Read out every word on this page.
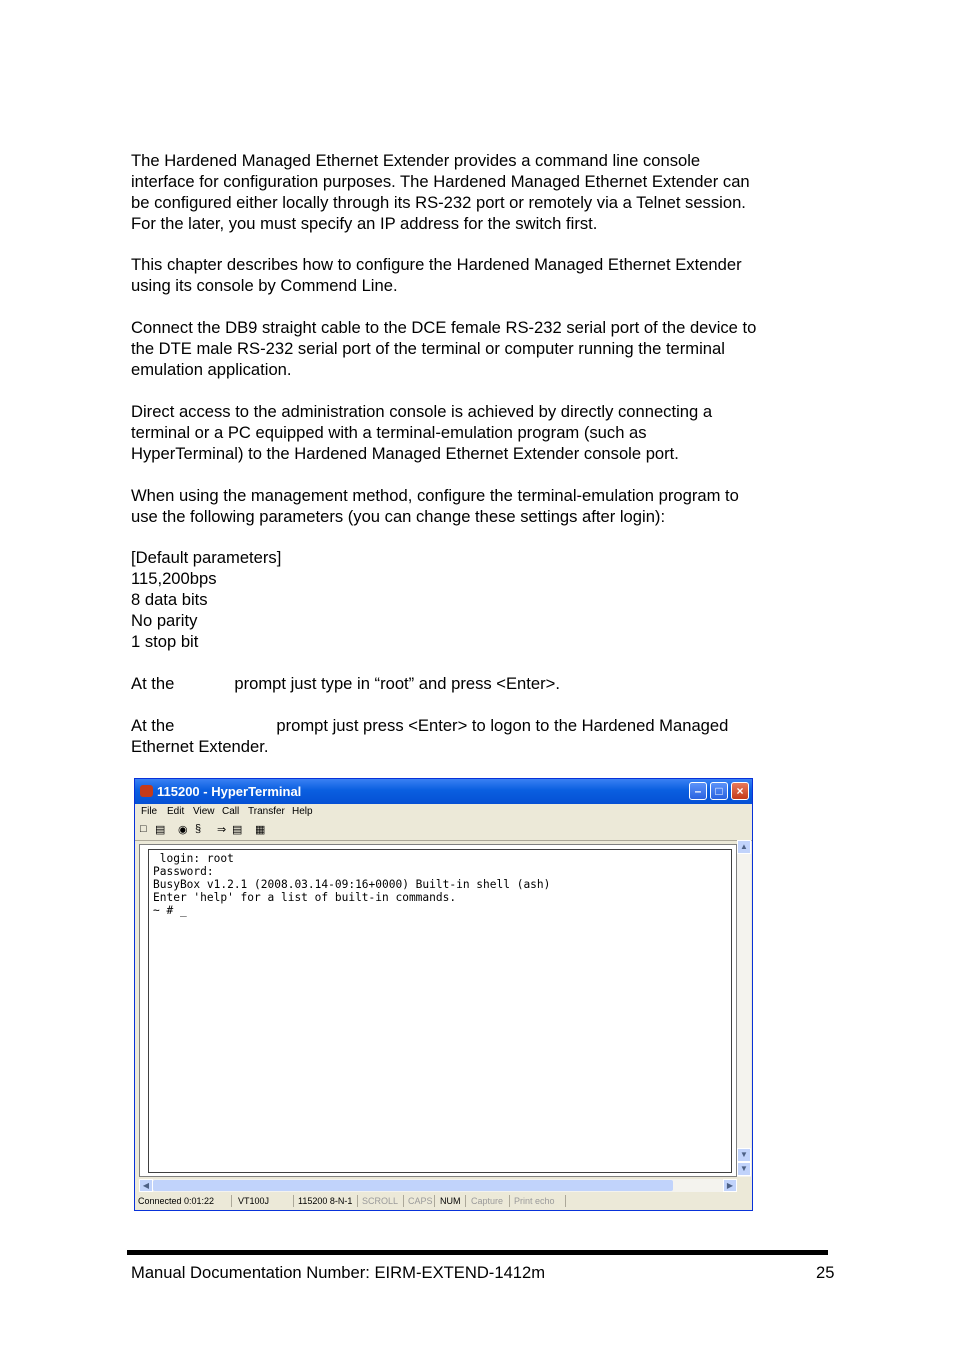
The Hardened Managed Ethernet Extender provides a command line console
interface for configuration purposes. The Hardened Managed Ethernet Extender can
be configured either locally through its RS-232 port or remotely via a Telnet session.
For the later, you must specify an IP address for the switch first.
This chapter describes how to configure the Hardened Managed Ethernet Extender
using its console by Commend Line.
Connect the DB9 straight cable to the DCE female RS-232 serial port of the device to
the DTE male RS-232 serial port of the terminal or computer running the terminal
emulation application.
Direct access to the administration console is achieved by directly connecting a
terminal or a PC equipped with a terminal-emulation program (such as
HyperTerminal) to the Hardened Managed Ethernet Extender console port.
When using the management method, configure the terminal-emulation program to
use the following parameters (you can change these settings after login):
[Default parameters]
115,200bps
8 data bits
No parity
1 stop bit
At the	prompt just type in “root” and press <Enter>.
At the	prompt just press <Enter> to logon to the Hardened Managed
Ethernet Extender.
115200 - HyperTerminal	–	□	×
File Edit View Call Transfer Help
□ ▤ ◉ § ⇒ ▤ ▦
login: root
Password:
BusyBox v1.2.1 (2008.03.14-09:16+0000) Built-in shell (ash)
Enter 'help' for a list of built-in commands.
~ # _
▲
▼
▼
◀	▶
Connected 0:01:22	VT100J	115200 8-N-1 SCROLL CAPS NUM Capture Print echo
Manual Documentation Number: EIRM-EXTEND-1412m	25
